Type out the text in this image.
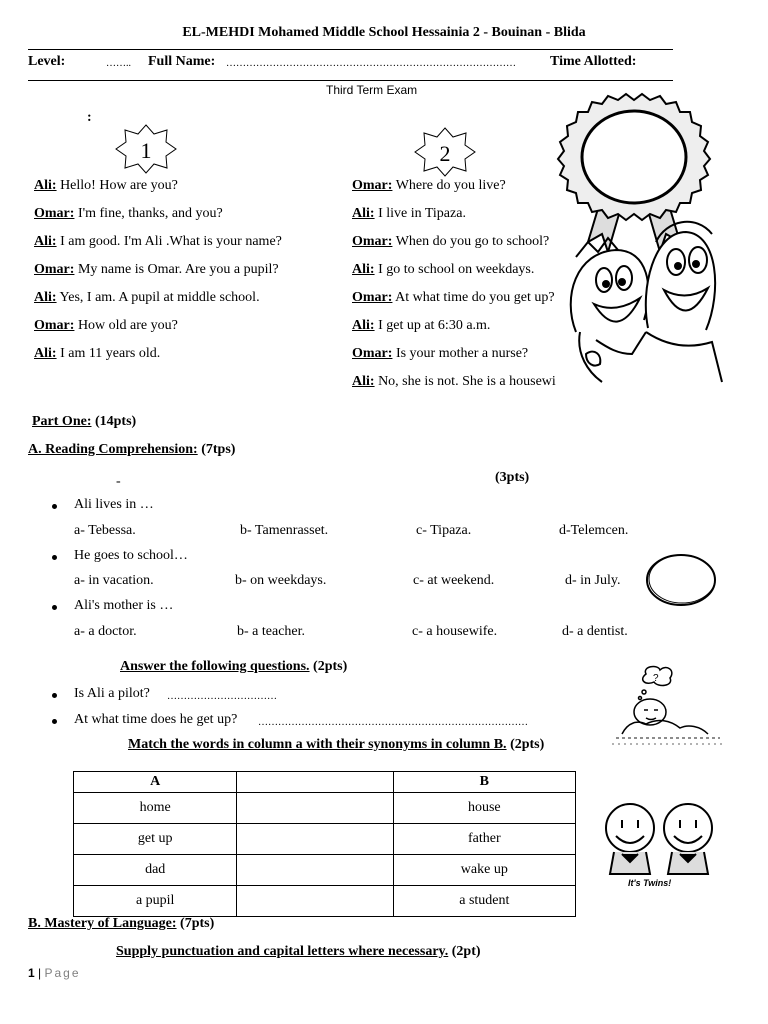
EL-MEHDI Mohamed Middle School Hessainia 2 - Bouinan - Blida
Level:	…….. Full Name: …………………………………………………………………………… Time Allotted:
Third Term Exam
:
1	2
Ali: Hello! How are you?
Omar: I'm fine, thanks, and you?
Ali: I am good. I'm Ali .What is your name?
Omar: My name is Omar. Are you a pupil?
Ali: Yes, I am. A pupil at middle school.
Omar: How old are you?
Ali: I am 11 years old.
Omar: Where do you live?
Ali: I live in Tipaza.
Omar: When do you go to school?
Ali: I go to school on weekdays.
Omar: At what time do you get up?
Ali: I get up at 6:30 a.m.
Omar: Is your mother a nurse?
Ali: No, she is not. She is a housewi
Part One: (14pts)
A. Reading Comprehension: (7tps)
-	(3pts)
Ali lives in …
a- Tebessa.	b- Tamenrasset.	c- Tipaza.	d-Telemcen.
He goes to school…
a- in vacation.	b- on weekdays.	c- at weekend.	d- in July.
Ali's mother is …
a- a doctor.	b- a teacher.	c- a housewife.	d- a dentist.
Answer the following questions. (2pts)
Is Ali a pilot? ……………………………
At what time does he get up? ………………………………………………………………………
?
Match the words in column a with their synonyms in column B. (2pts)
A		B
home		house
get up		father
dad		wake up
a pupil		a student
It's Twins!
B. Mastery of Language: (7pts)
Supply punctuation and capital letters where necessary. (2pt)
1 | Page
